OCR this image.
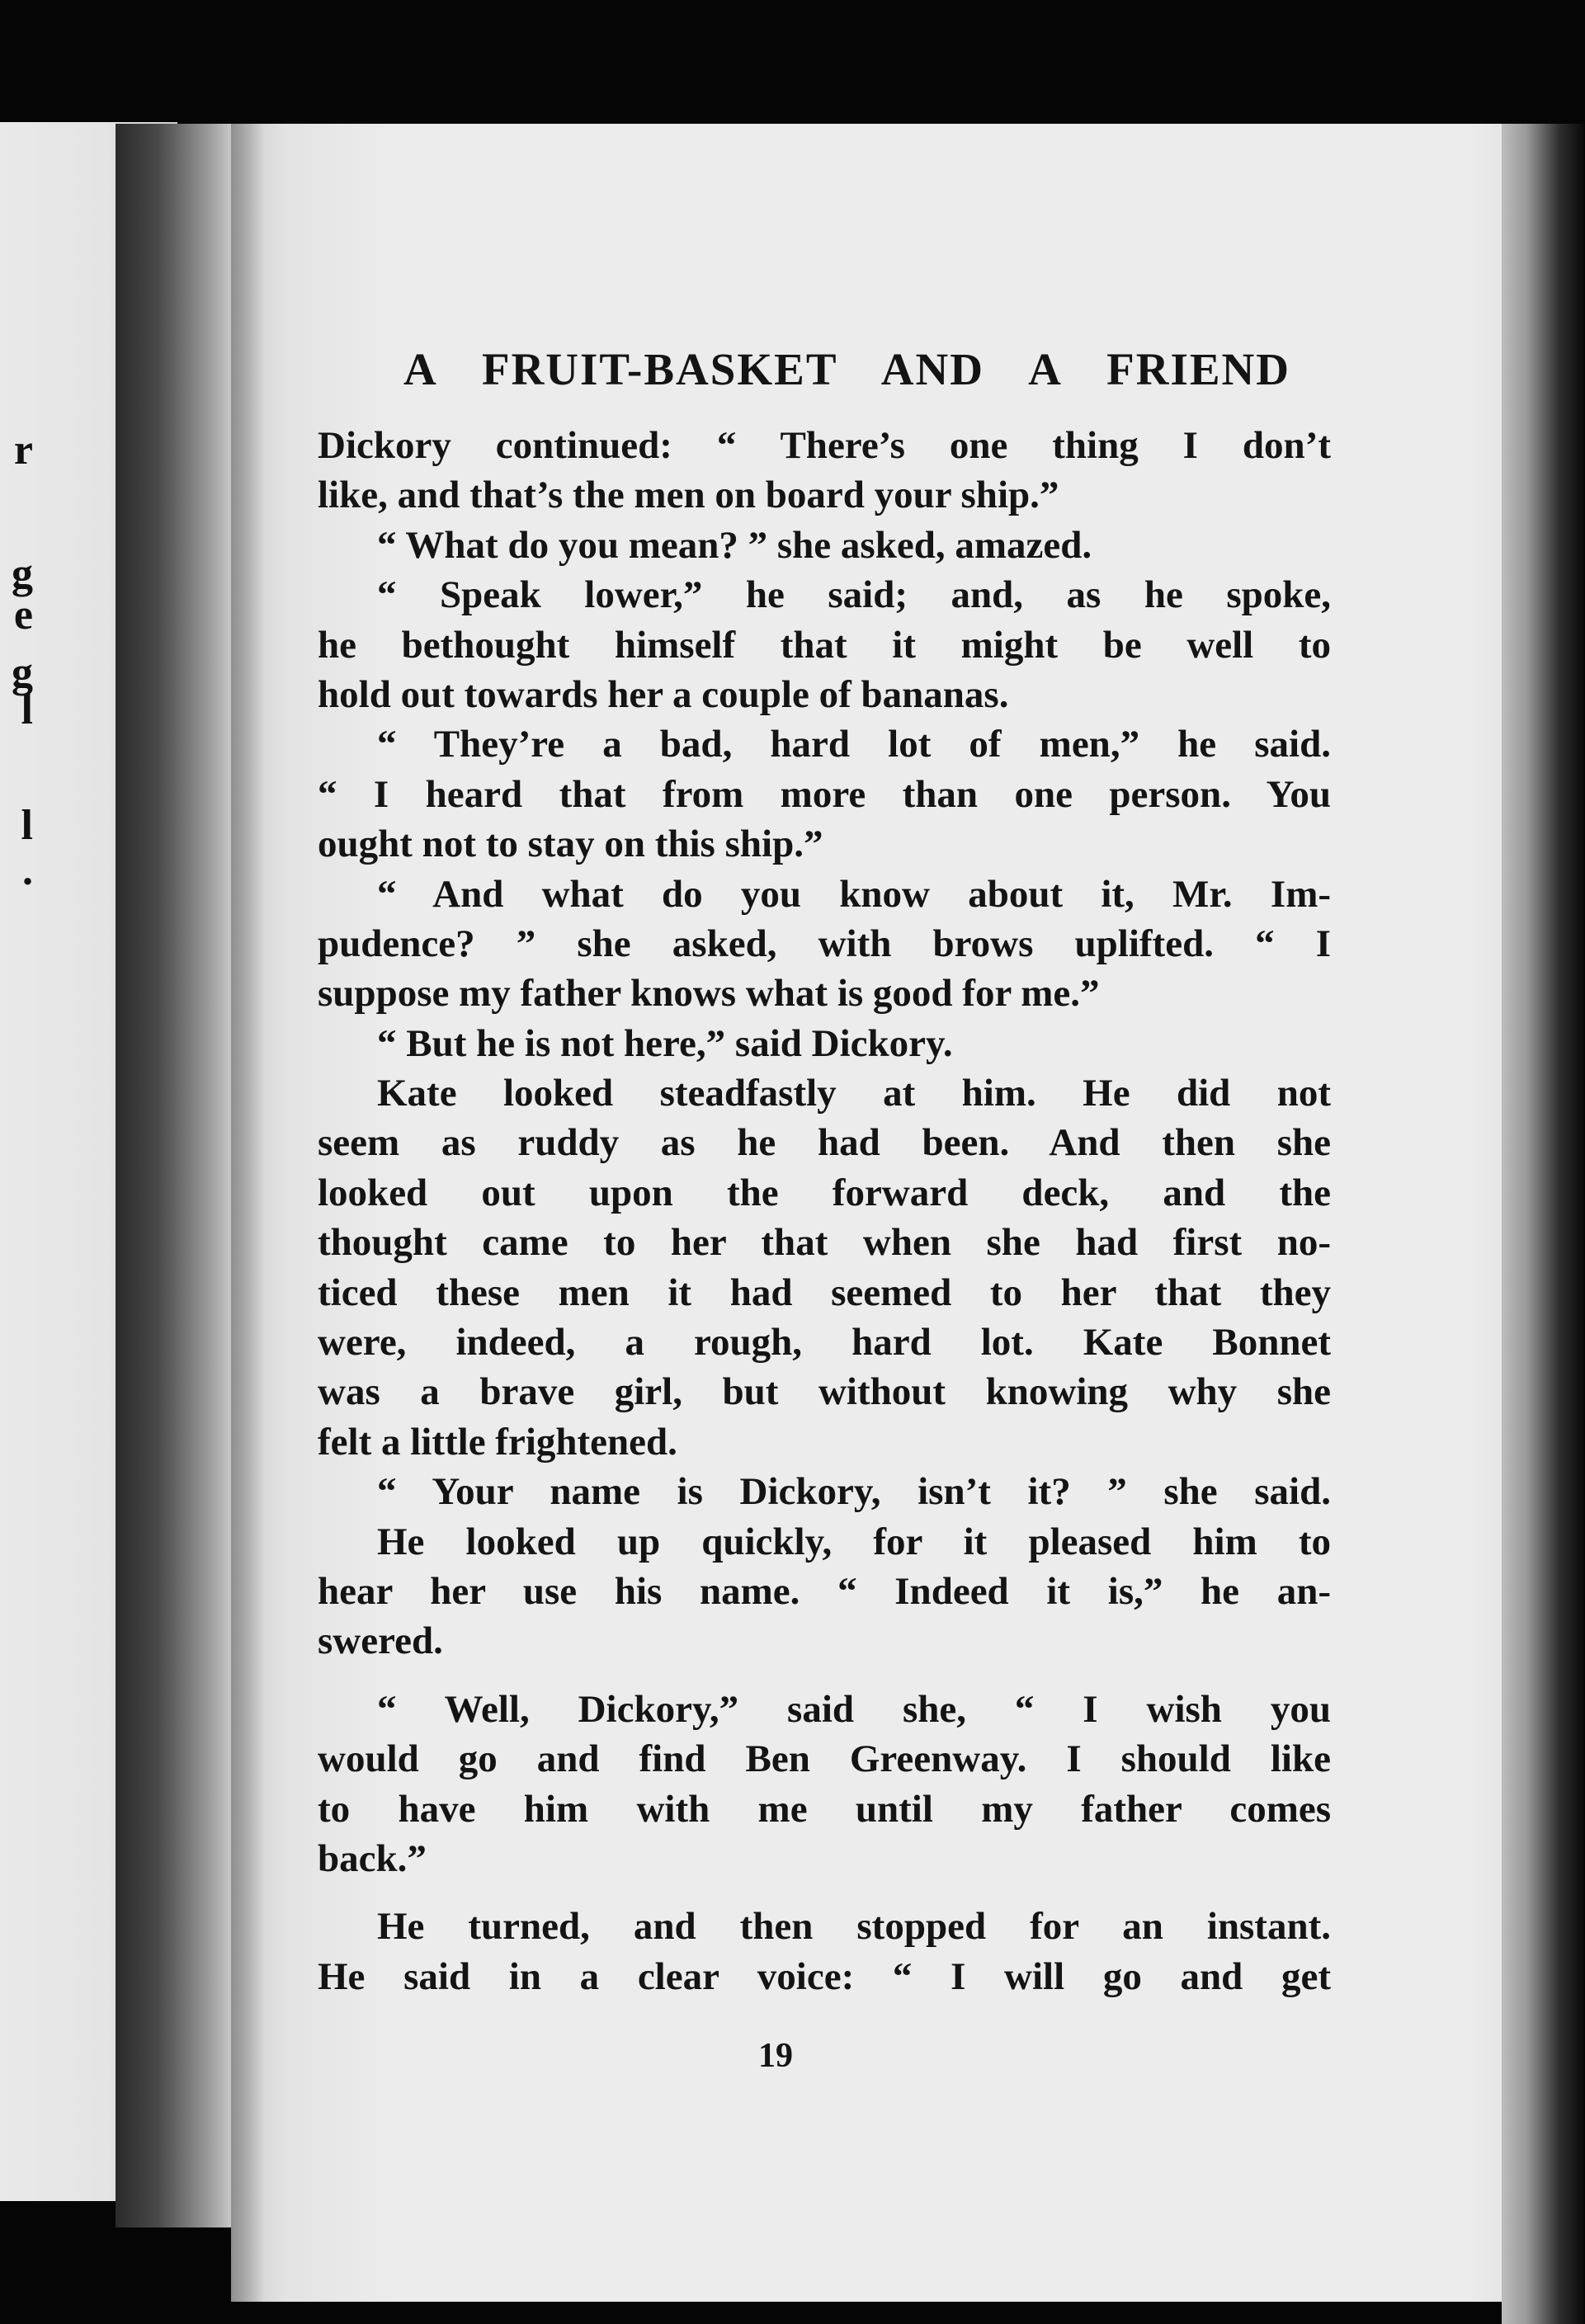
r
g
e
g
l
l
.
A FRUIT-BASKET AND A FRIEND

Dickory continued: “ There’s one thing I don’t

like, and that’s the men on board your ship.”

“ What do you mean? ” she asked, amazed.

“ Speak lower,” he said; and, as he spoke,

he bethought himself that it might be well to

hold out towards her a couple of bananas.

“ They’re a bad, hard lot of men,” he said.

“ I heard that from more than one person. You

ought not to stay on this ship.”

“ And what do you know about it, Mr. Im-

pudence? ” she asked, with brows uplifted. “ I

suppose my father knows what is good for me.”

“ But he is not here,” said Dickory.

Kate looked steadfastly at him. He did not

seem as ruddy as he had been. And then she

looked out upon the forward deck, and the

thought came to her that when she had first no-

ticed these men it had seemed to her that they

were, indeed, a rough, hard lot. Kate Bonnet

was a brave girl, but without knowing why she

felt a little frightened.

“ Your name is Dickory, isn’t it? ” she said.

He looked up quickly, for it pleased him to

hear her use his name. “ Indeed it is,” he an-

swered.

“ Well, Dickory,” said she, “ I wish you

would go and find Ben Greenway. I should like

to have him with me until my father comes

back.”

He turned, and then stopped for an instant.

He said in a clear voice: “ I will go and get

19
